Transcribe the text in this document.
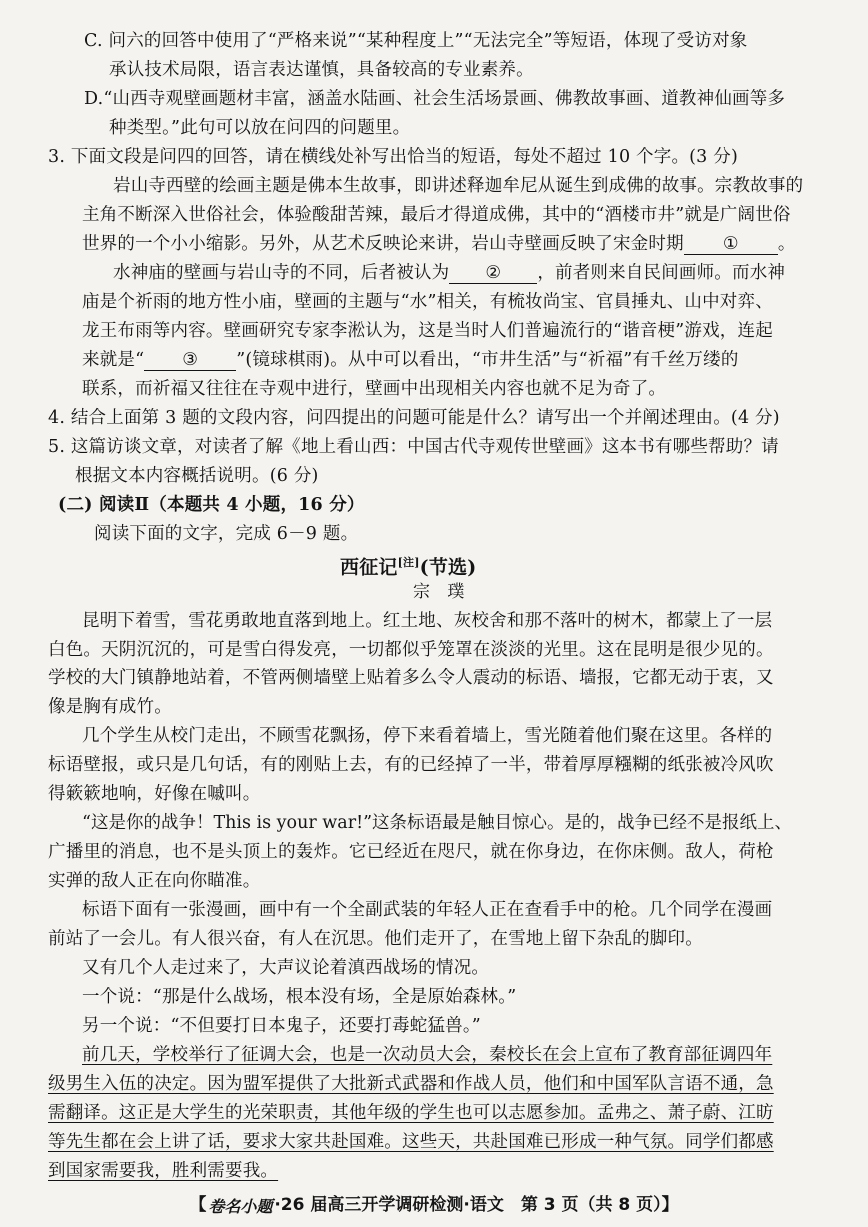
C. 问六的回答中使用了“严格来说”“某种程度上”“无法完全”等短语，体现了受访对象
承认技术局限，语言表达谨慎，具备较高的专业素养。
D.“山西寺观壁画题材丰富，涵盖水陆画、社会生活场景画、佛教故事画、道教神仙画等多
种类型。”此句可以放在问四的问题里。
3. 下面文段是问四的回答，请在横线处补写出恰当的短语，每处不超过 10 个字。(3 分)
岩山寺西壁的绘画主题是佛本生故事，即讲述释迦牟尼从诞生到成佛的故事。宗教故事的
主角不断深入世俗社会，体验酸甜苦辣，最后才得道成佛，其中的“酒楼市井”就是广阔世俗
世界的一个小小缩影。另外，从艺术反映论来讲，岩山寺壁画反映了宋金时期 ① 。
水神庙的壁画与岩山寺的不同，后者被认为 ② ，前者则来自民间画师。而水神
庙是个祈雨的地方性小庙，壁画的主题与“水”相关，有梳妆尚宝、官員捶丸、山中对弈、
龙王布雨等内容。壁画研究专家李淞认为，这是当时人们普遍流行的“谐音梗”游戏，连起
来就是“ ③ ”(镜球棋雨)。从中可以看出，“市井生活”与“祈福”有千丝万缕的
联系，而祈福又往往在寺观中进行，壁画中出现相关内容也就不足为奇了。
4. 结合上面第 3 题的文段内容，问四提出的问题可能是什么？请写出一个并阐述理由。(4 分)
5. 这篇访谈文章，对读者了解《地上看山西：中国古代寺观传世壁画》这本书有哪些帮助？请
根据文本内容概括说明。(6 分)
(二) 阅读Ⅱ（本题共 4 小题，16 分）
阅读下面的文字，完成 6－9 题。
西征记[注](节选)
宗　璞
昆明下着雪，雪花勇敢地直落到地上。红土地、灰校舍和那不落叶的树木，都蒙上了一层
白色。天阴沉沉的，可是雪白得发亮，一切都似乎笼罩在淡淡的光里。这在昆明是很少见的。
学校的大门镇静地站着，不管两侧墙壁上贴着多么令人震动的标语、墙报，它都无动于衷，又
像是胸有成竹。
几个学生从校门走出，不顾雪花飘扬，停下来看着墙上，雪光随着他们聚在这里。各样的
标语壁报，或只是几句话，有的刚贴上去，有的已经掉了一半，带着厚厚糨糊的纸张被冷风吹
得簌簌地响，好像在嘁叫。
“这是你的战争！This is your war!”这条标语最是触目惊心。是的，战争已经不是报纸上、
广播里的消息，也不是头顶上的轰炸。它已经近在咫尺，就在你身边，在你床侧。敌人，荷枪
实弹的敌人正在向你瞄准。
标语下面有一张漫画，画中有一个全副武装的年轻人正在查看手中的枪。几个同学在漫画
前站了一会儿。有人很兴奋，有人在沉思。他们走开了，在雪地上留下杂乱的脚印。
又有几个人走过来了，大声议论着滇西战场的情况。
一个说：“那是什么战场，根本没有场，全是原始森林。”
另一个说：“不但要打日本鬼子，还要打毒蛇猛兽。”
前几天，学校举行了征调大会，也是一次动员大会，秦校长在会上宣布了教育部征调四年
级男生入伍的决定。因为盟军提供了大批新式武器和作战人员，他们和中国军队言语不通，急
需翻译。这正是大学生的光荣职责，其他年级的学生也可以志愿参加。孟弗之、萧子蔚、江昉
等先生都在会上讲了话，要求大家共赴国难。这些天，共赴国难已形成一种气氛。同学们都感
到国家需要我，胜利需要我。
【 卷名小题 ·26 届高三开学调研检测·语文　第 3 页（共 8 页）】
